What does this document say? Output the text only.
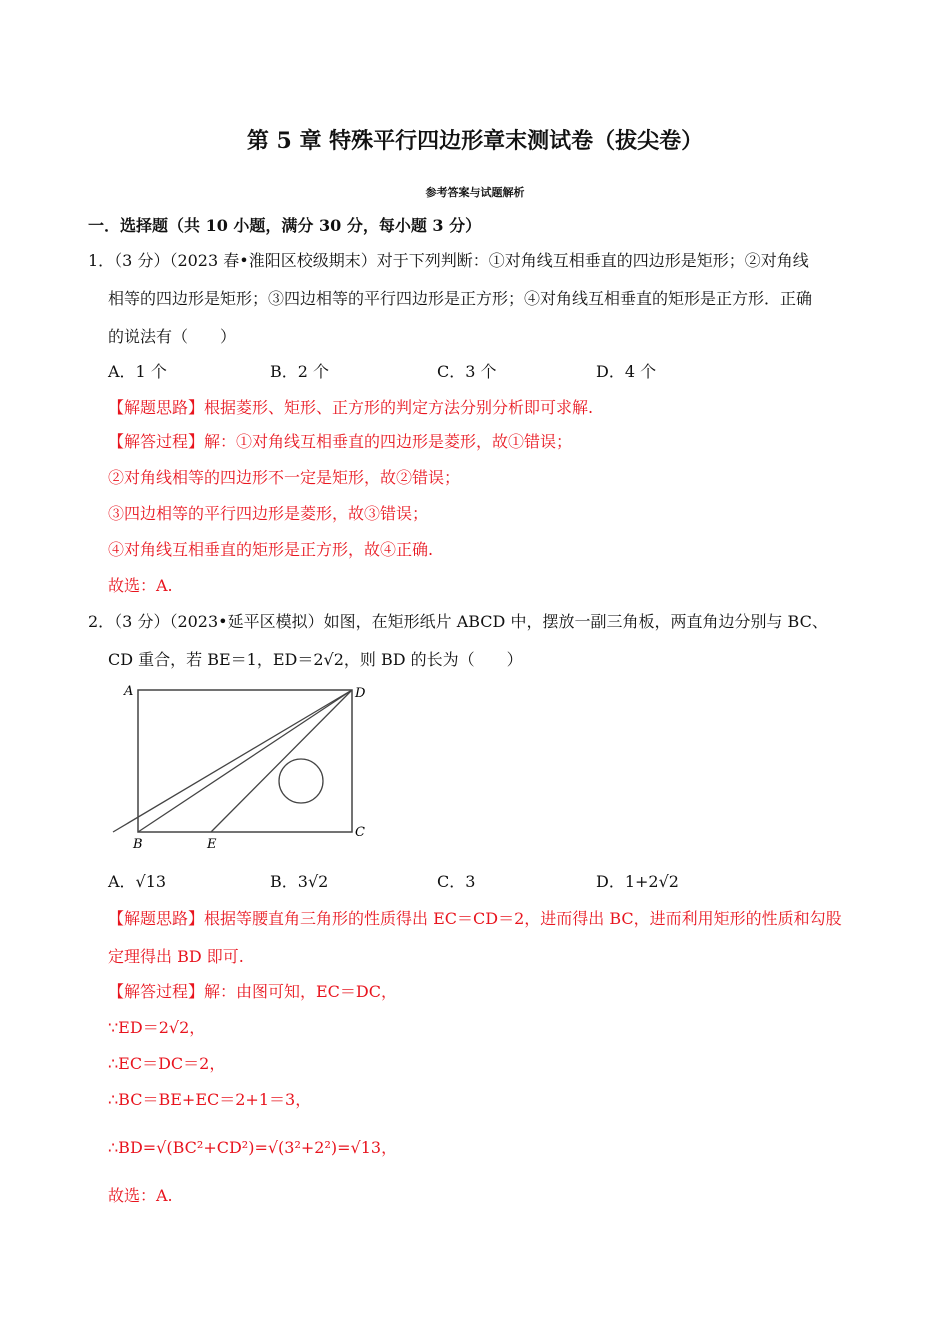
第 5 章 特殊平行四边形章末测试卷（拔尖卷）
参考答案与试题解析
一．选择题（共 10 小题，满分 30 分，每小题 3 分）
1．（3 分）（2023 春•淮阳区校级期末）对于下列判断：①对角线互相垂直的四边形是矩形；②对角线
相等的四边形是矩形；③四边相等的平行四边形是正方形；④对角线互相垂直的矩形是正方形．正确
的说法有（　　）
A．1 个	B．2 个	C．3 个	D．4 个
【解题思路】根据菱形、矩形、正方形的判定方法分别分析即可求解.
【解答过程】解：①对角线互相垂直的四边形是菱形，故①错误；
②对角线相等的四边形不一定是矩形，故②错误；
③四边相等的平行四边形是菱形，故③错误；
④对角线互相垂直的矩形是正方形，故④正确.
故选：A.
2．（3 分）（2023•延平区模拟）如图，在矩形纸片 ABCD 中，摆放一副三角板，两直角边分别与 BC、
CD 重合，若 BE＝1，ED＝2√2，则 BD 的长为（　　）
A	D
B	E
C
A．√13	B．3√2	C．3	D．1+2√2
【解题思路】根据等腰直角三角形的性质得出 EC＝CD＝2，进而得出 BC，进而利用矩形的性质和勾股
定理得出 BD 即可.
【解答过程】解：由图可知，EC＝DC，
∵ED＝2√2，
∴EC＝DC＝2，
∴BC＝BE+EC＝2+1＝3，
∴BD=√(BC²+CD²)=√(3²+2²)=√13，
故选：A.
